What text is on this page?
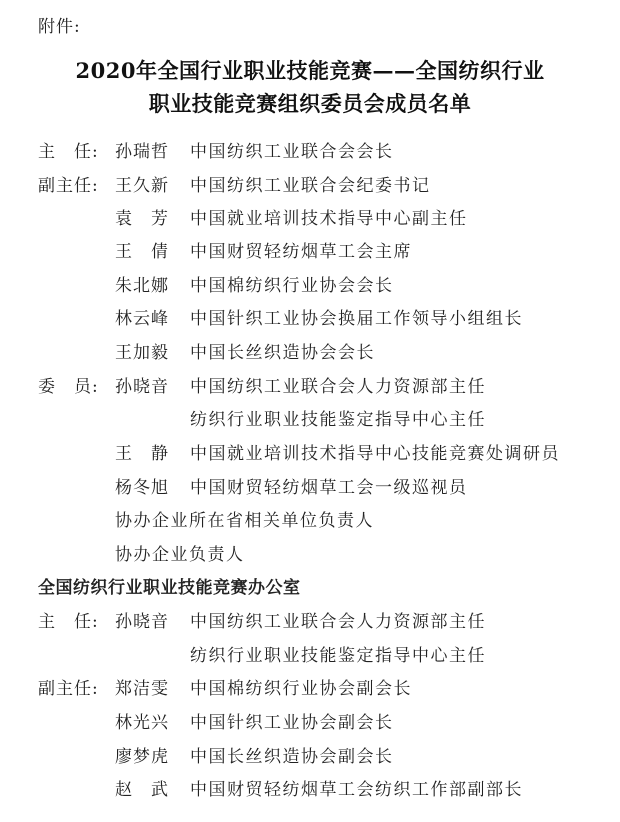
附件:
2020年全国行业职业技能竞赛——全国纺织行业
职业技能竞赛组织委员会成员名单
主　任: 孙瑞哲	中国纺织工业联合会会长
副主任: 王久新	中国纺织工业联合会纪委书记
袁　芳	中国就业培训技术指导中心副主任
王　倩	中国财贸轻纺烟草工会主席
朱北娜	中国棉纺织行业协会会长
林云峰	中国针织工业协会换届工作领导小组组长
王加毅	中国长丝织造协会会长
委　员: 孙晓音	中国纺织工业联合会人力资源部主任
纺织行业职业技能鉴定指导中心主任
王　静	中国就业培训技术指导中心技能竞赛处调研员
杨冬旭	中国财贸轻纺烟草工会一级巡视员
协办企业所在省相关单位负责人
协办企业负责人
全国纺织行业职业技能竞赛办公室
主　任: 孙晓音	中国纺织工业联合会人力资源部主任
纺织行业职业技能鉴定指导中心主任
副主任: 郑洁雯	中国棉纺织行业协会副会长
林光兴	中国针织工业协会副会长
廖梦虎	中国长丝织造协会副会长
赵　武	中国财贸轻纺烟草工会纺织工作部副部长
